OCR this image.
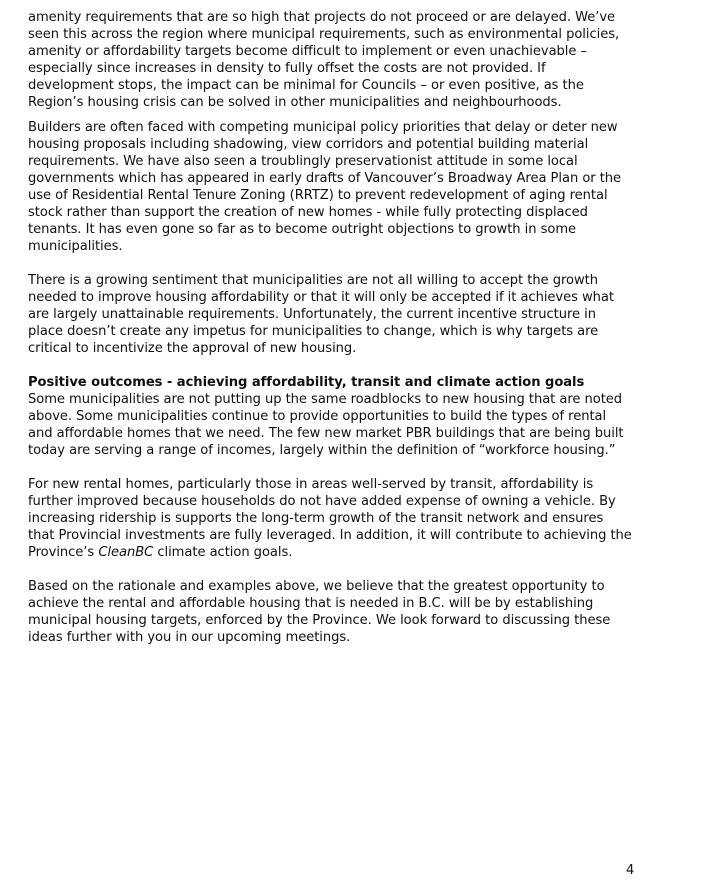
amenity requirements that are so high that projects do not proceed or are delayed. We’ve
seen this across the region where municipal requirements, such as environmental policies,
amenity or affordability targets become difficult to implement or even unachievable –
especially since increases in density to fully offset the costs are not provided. If
development stops, the impact can be minimal for Councils – or even positive, as the
Region’s housing crisis can be solved in other municipalities and neighbourhoods.
Builders are often faced with competing municipal policy priorities that delay or deter new
housing proposals including shadowing, view corridors and potential building material
requirements. We have also seen a troublingly preservationist attitude in some local
governments which has appeared in early drafts of Vancouver’s Broadway Area Plan or the
use of Residential Rental Tenure Zoning (RRTZ) to prevent redevelopment of aging rental
stock rather than support the creation of new homes - while fully protecting displaced
tenants. It has even gone so far as to become outright objections to growth in some
municipalities.
There is a growing sentiment that municipalities are not all willing to accept the growth
needed to improve housing affordability or that it will only be accepted if it achieves what
are largely unattainable requirements. Unfortunately, the current incentive structure in
place doesn’t create any impetus for municipalities to change, which is why targets are
critical to incentivize the approval of new housing.
Positive outcomes - achieving affordability, transit and climate action goals
Some municipalities are not putting up the same roadblocks to new housing that are noted
above. Some municipalities continue to provide opportunities to build the types of rental
and affordable homes that we need. The few new market PBR buildings that are being built
today are serving a range of incomes, largely within the definition of “workforce housing.”
For new rental homes, particularly those in areas well-served by transit, affordability is
further improved because households do not have added expense of owning a vehicle. By
increasing ridership is supports the long-term growth of the transit network and ensures
that Provincial investments are fully leveraged. In addition, it will contribute to achieving the
Province’s CleanBC climate action goals.
Based on the rationale and examples above, we believe that the greatest opportunity to
achieve the rental and affordable housing that is needed in B.C. will be by establishing
municipal housing targets, enforced by the Province. We look forward to discussing these
ideas further with you in our upcoming meetings.
4
